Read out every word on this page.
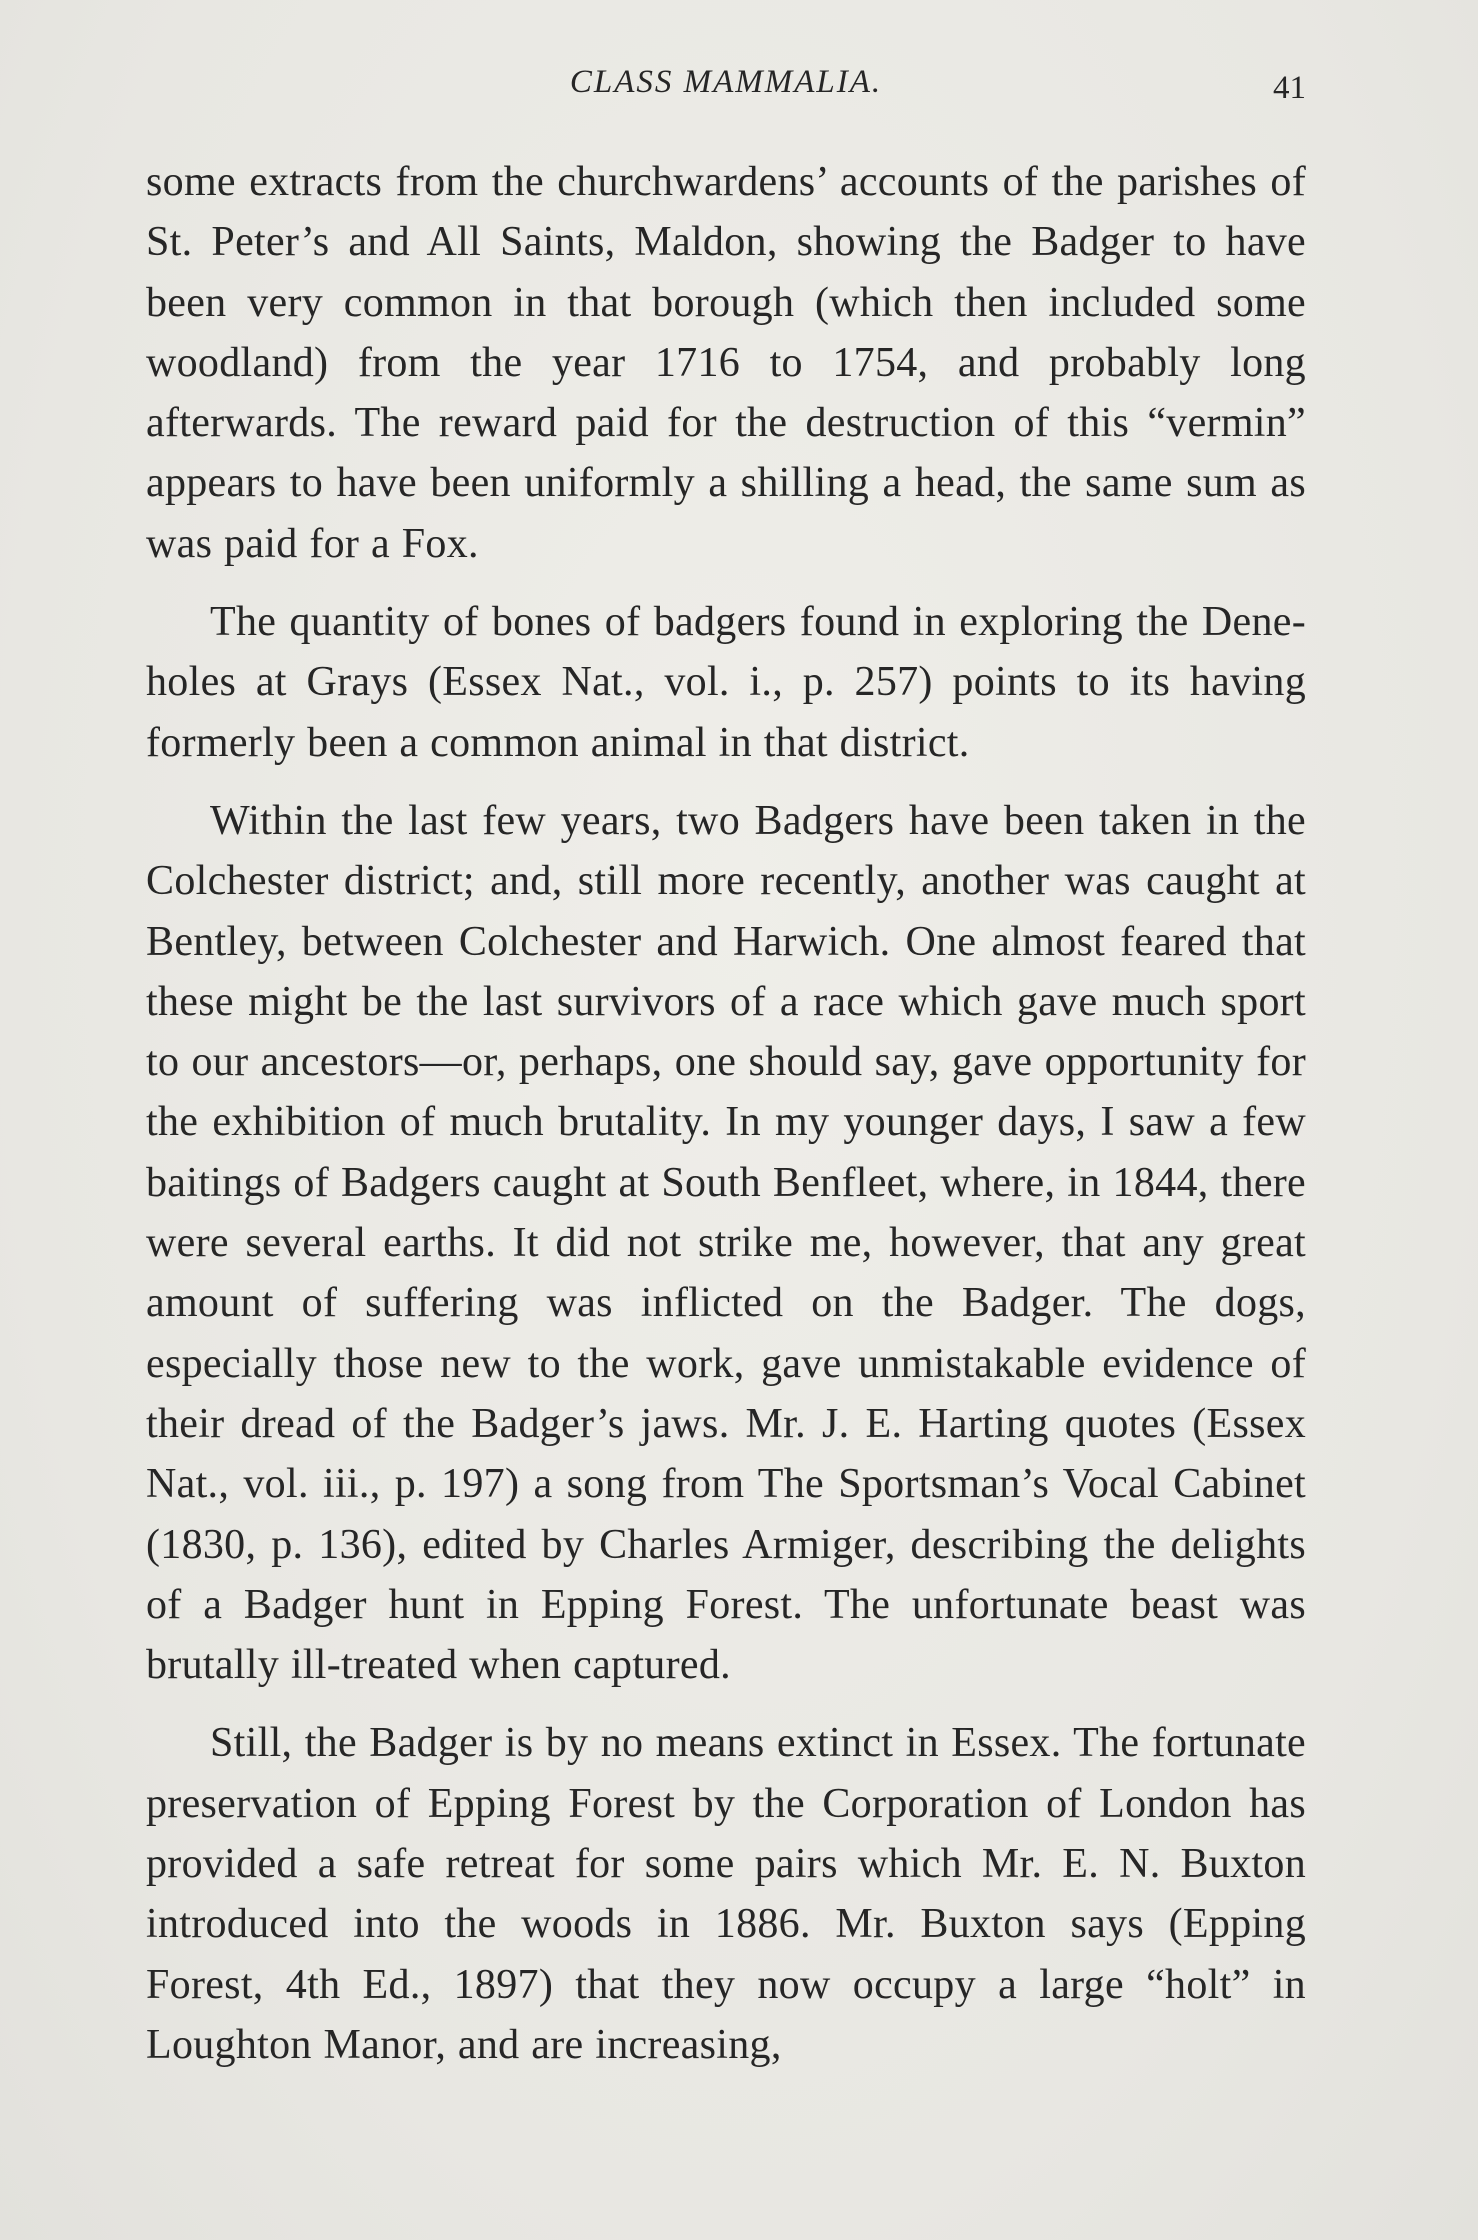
CLASS MAMMALIA.	41

some extracts from the churchwardens’ accounts of the parishes of St. Peter’s and All Saints, Maldon, showing the Badger to have been very common in that borough (which then included some woodland) from the year 1716 to 1754, and probably long afterwards. The reward paid for the destruction of this “vermin” appears to have been uniformly a shilling a head, the same sum as was paid for a Fox.

The quantity of bones of badgers found in exploring the Dene-holes at Grays (Essex Nat., vol. i., p. 257) points to its having formerly been a common animal in that district.

Within the last few years, two Badgers have been taken in the Colchester district; and, still more recently, another was caught at Bentley, between Colchester and Harwich. One almost feared that these might be the last survivors of a race which gave much sport to our ancestors—or, perhaps, one should say, gave opportunity for the exhibition of much brutality. In my younger days, I saw a few baitings of Badgers caught at South Benfleet, where, in 1844, there were several earths. It did not strike me, however, that any great amount of suffering was inflicted on the Badger. The dogs, especially those new to the work, gave unmistakable evidence of their dread of the Badger’s jaws. Mr. J. E. Harting quotes (Essex Nat., vol. iii., p. 197) a song from The Sportsman’s Vocal Cabinet (1830, p. 136), edited by Charles Armiger, describing the delights of a Badger hunt in Epping Forest. The unfortunate beast was brutally ill-treated when captured.

Still, the Badger is by no means extinct in Essex. The fortunate preservation of Epping Forest by the Corporation of London has provided a safe retreat for some pairs which Mr. E. N. Buxton introduced into the woods in 1886. Mr. Buxton says (Epping Forest, 4th Ed., 1897) that they now occupy a large “holt” in Loughton Manor, and are increasing,
